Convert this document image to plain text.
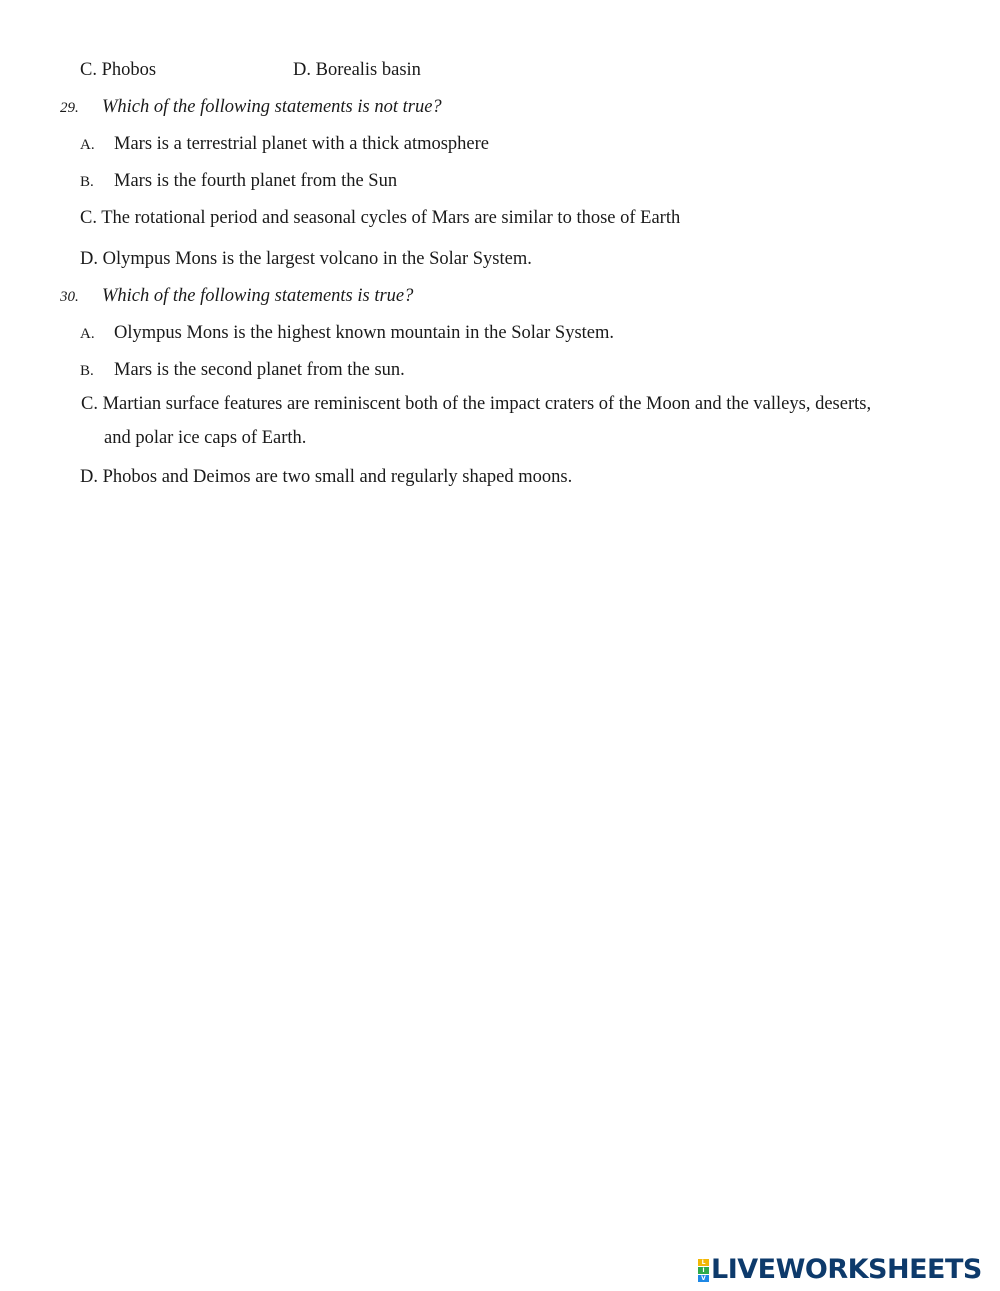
C. Phobos	D. Borealis basin
29. Which of the following statements is not true?
A. Mars is a terrestrial planet with a thick atmosphere
B. Mars is the fourth planet from the Sun
C. The rotational period and seasonal cycles of Mars are similar to those of Earth
D. Olympus Mons is the largest volcano in the Solar System.
30. Which of the following statements is true?
A. Olympus Mons is the highest known mountain in the Solar System.
B. Mars is the second planet from the sun.
C. Martian surface features are reminiscent both of the impact craters of the Moon and the valleys, deserts,
and polar ice caps of Earth.
D. Phobos and Deimos are two small and regularly shaped moons.
L
I
V LIVEWORKSHEETS
